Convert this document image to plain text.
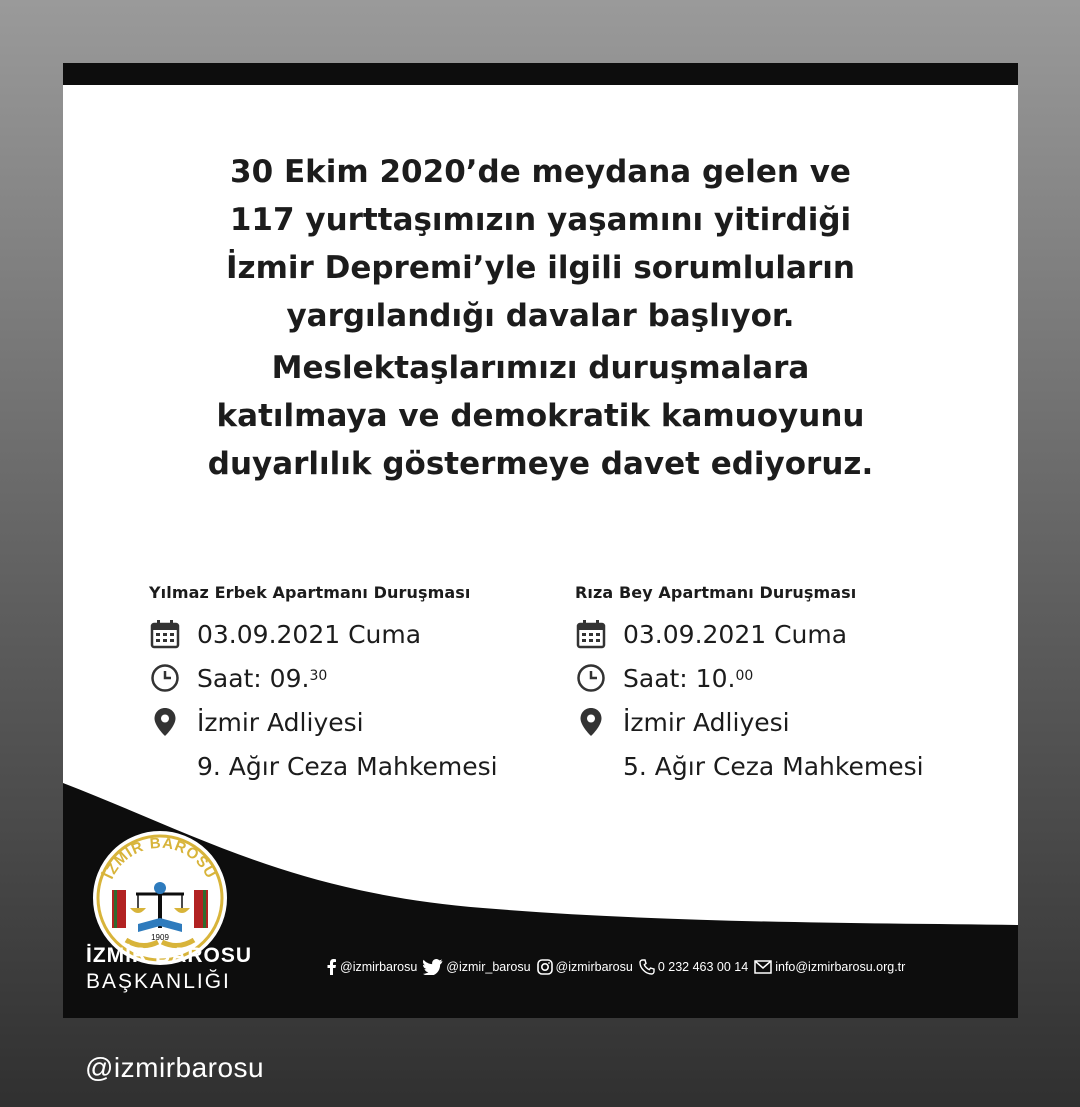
30 Ekim 2020’de meydana gelen ve
117 yurttaşımızın yaşamını yitirdiği
İzmir Depremi’yle ilgili sorumluların
yargılandığı davalar başlıyor.
Meslektaşlarımızı duruşmalara
katılmaya ve demokratik kamuoyunu
duyarlılık göstermeye davet ediyoruz.
Yılmaz Erbek Apartmanı Duruşması
03.09.2021 Cuma
Saat: 09.30
İzmir Adliyesi
9. Ağır Ceza Mahkemesi
Rıza Bey Apartmanı Duruşması
03.09.2021 Cuma
Saat: 10.00
İzmir Adliyesi
5. Ağır Ceza Mahkemesi
İZMİR BAROSU
1909
İZMİR BAROSU
BAŞKANLIĞI
@izmirbarosu @izmir_barosu @izmirbarosu 0 232 463 00 14 info@izmirbarosu.org.tr
@izmirbarosu
